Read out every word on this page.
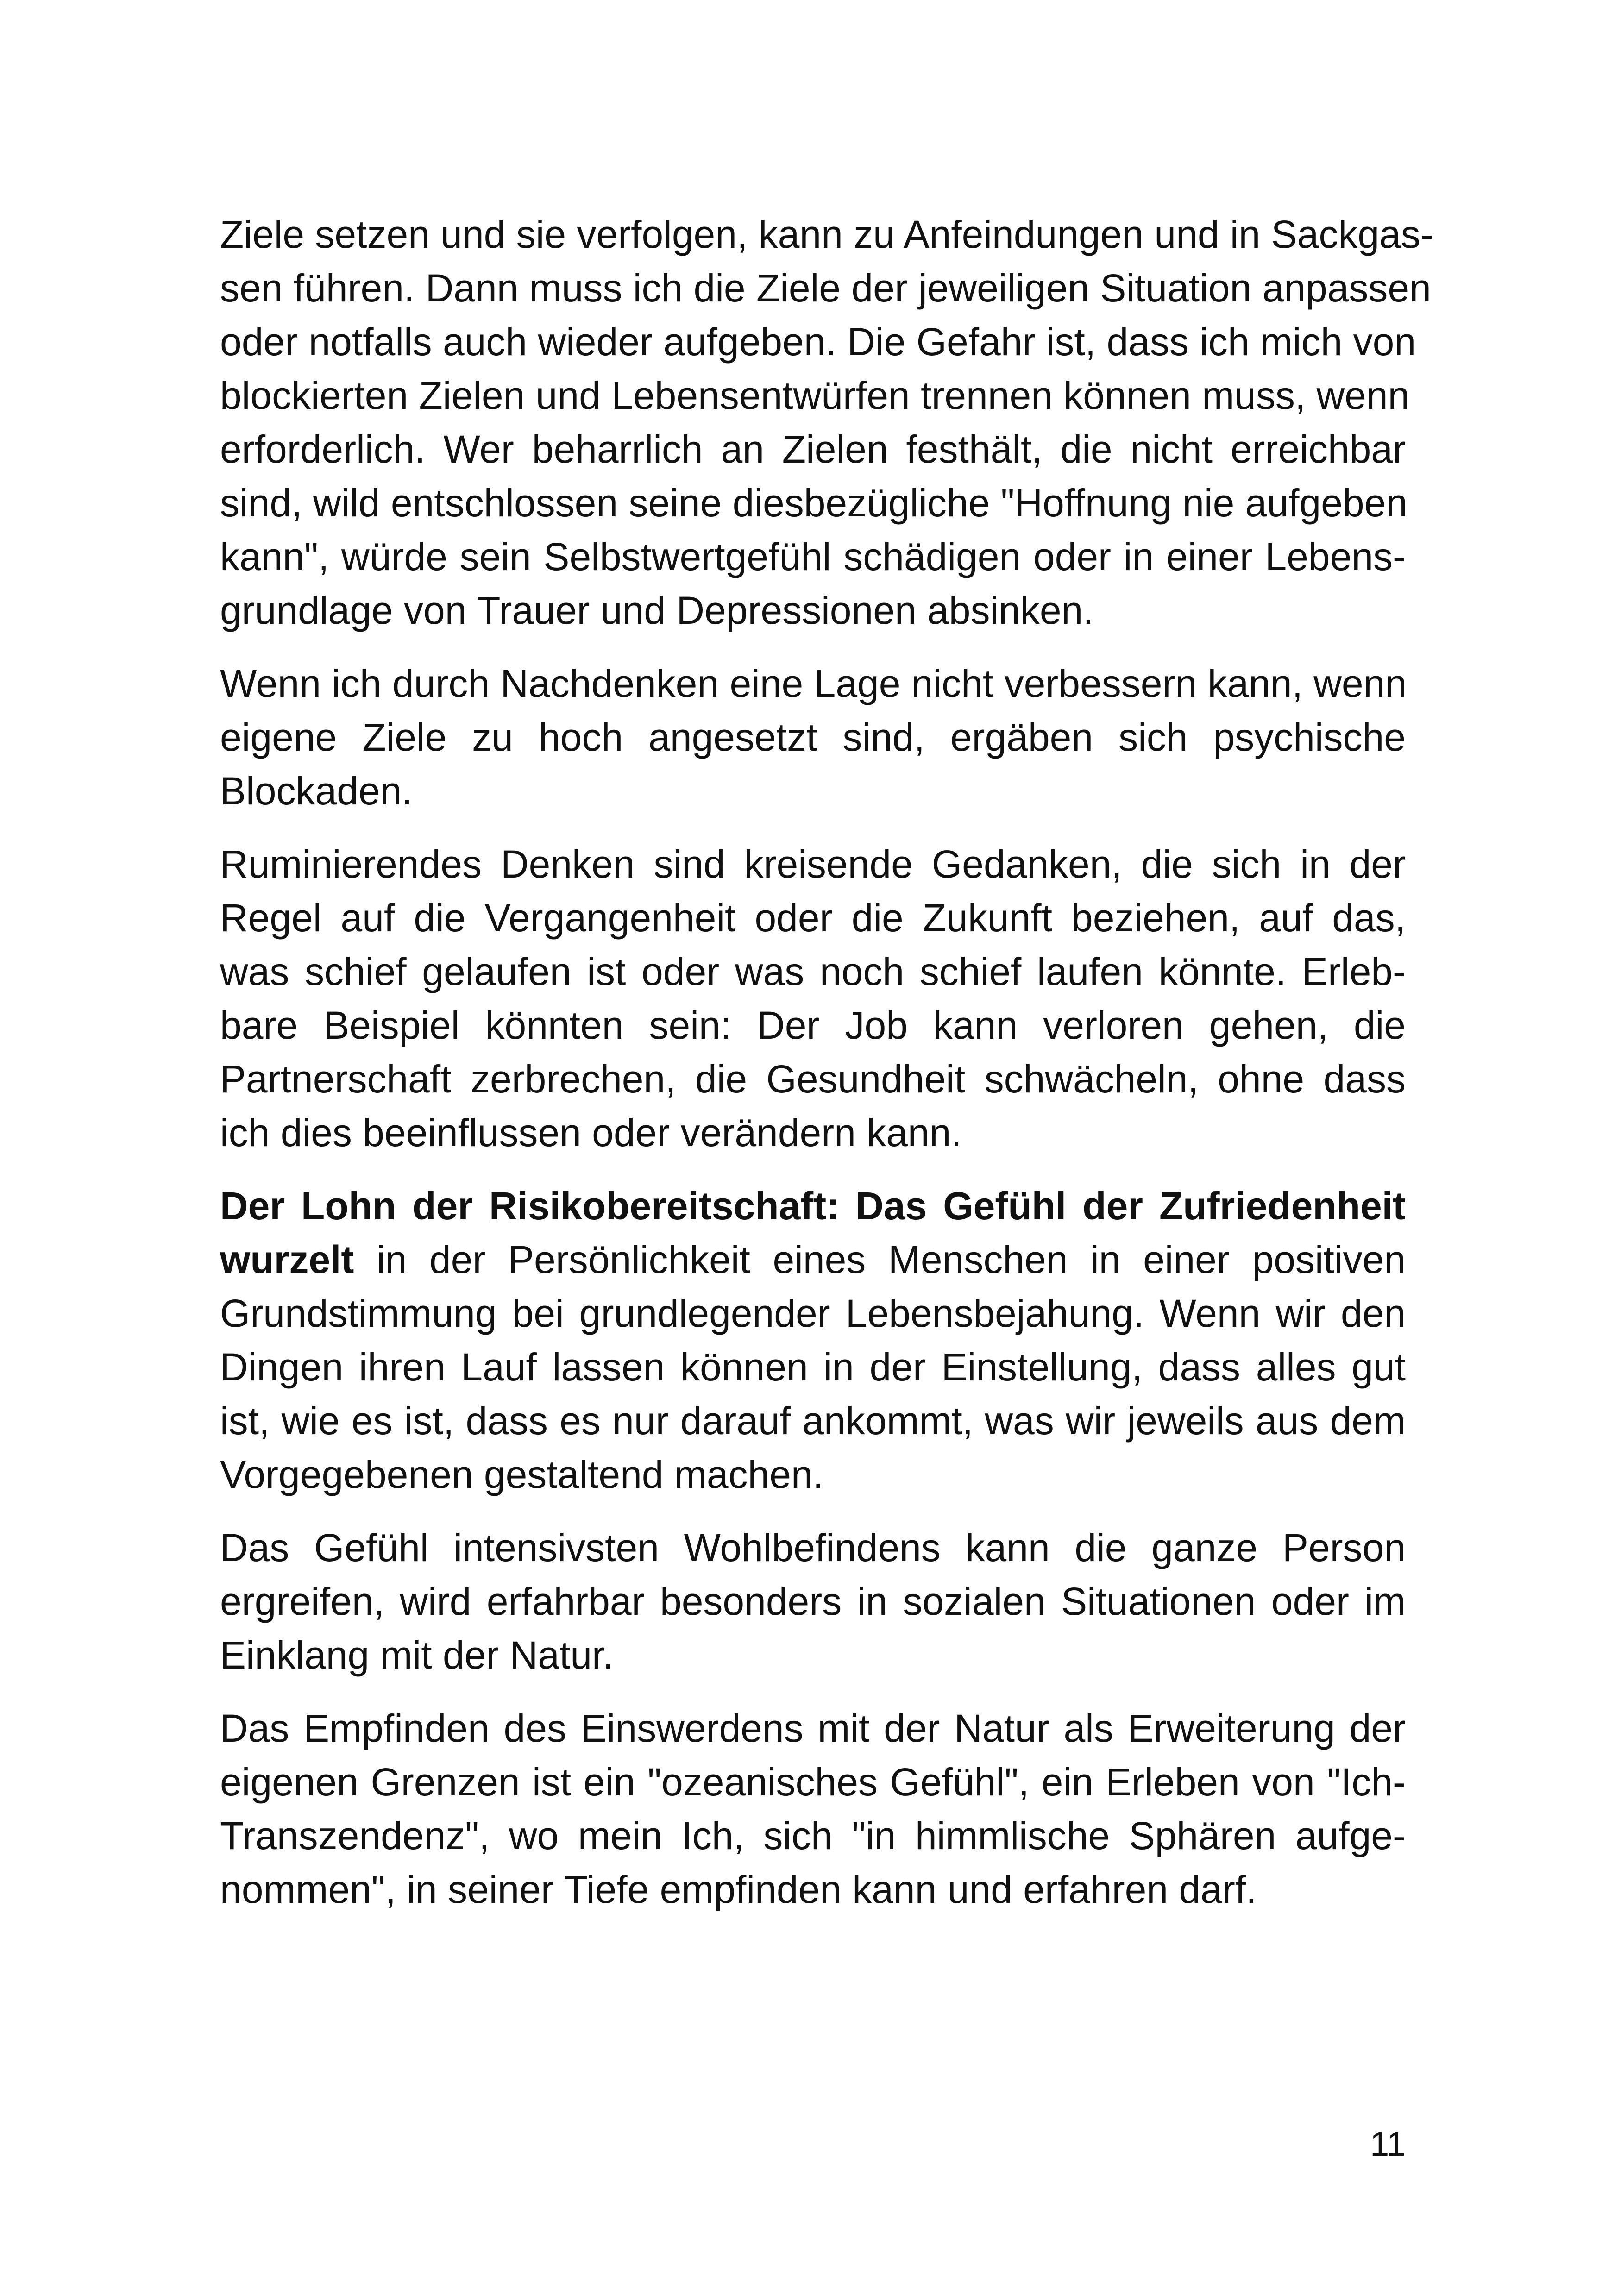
Ziele setzen und sie verfolgen, kann zu Anfeindungen und in Sackgas-
sen führen. Dann muss ich die Ziele der jeweiligen Situation anpassen
oder notfalls auch wieder aufgeben. Die Gefahr ist, dass ich mich von
blockierten Zielen und Lebensentwürfen trennen können muss, wenn
erforderlich. Wer beharrlich an Zielen festhält, die nicht erreichbar
sind, wild entschlossen seine diesbezügliche "Hoffnung nie aufgeben
kann", würde sein Selbstwertgefühl schädigen oder in einer Lebens-
grundlage von Trauer und Depressionen absinken.

Wenn ich durch Nachdenken eine Lage nicht verbessern kann, wenn
eigene Ziele zu hoch angesetzt sind, ergäben sich psychische
Blockaden.

Ruminierendes Denken sind kreisende Gedanken, die sich in der
Regel auf die Vergangenheit oder die Zukunft beziehen, auf das,
was schief gelaufen ist oder was noch schief laufen könnte. Erleb-
bare Beispiel könnten sein: Der Job kann verloren gehen, die
Partnerschaft zerbrechen, die Gesundheit schwächeln, ohne dass
ich dies beeinflussen oder verändern kann.

Der Lohn der Risikobereitschaft: Das Gefühl der Zufriedenheit
wurzelt in der Persönlichkeit eines Menschen in einer positiven
Grundstimmung bei grundlegender Lebensbejahung. Wenn wir den
Dingen ihren Lauf lassen können in der Einstellung, dass alles gut
ist, wie es ist, dass es nur darauf ankommt, was wir jeweils aus dem
Vorgegebenen gestaltend machen.

Das Gefühl intensivsten Wohlbefindens kann die ganze Person
ergreifen, wird erfahrbar besonders in sozialen Situationen oder im
Einklang mit der Natur.

Das Empfinden des Einswerdens mit der Natur als Erweiterung der
eigenen Grenzen ist ein "ozeanisches Gefühl", ein Erleben von "Ich-
Transzendenz", wo mein Ich, sich "in himmlische Sphären aufge-
nommen", in seiner Tiefe empfinden kann und erfahren darf.

11
